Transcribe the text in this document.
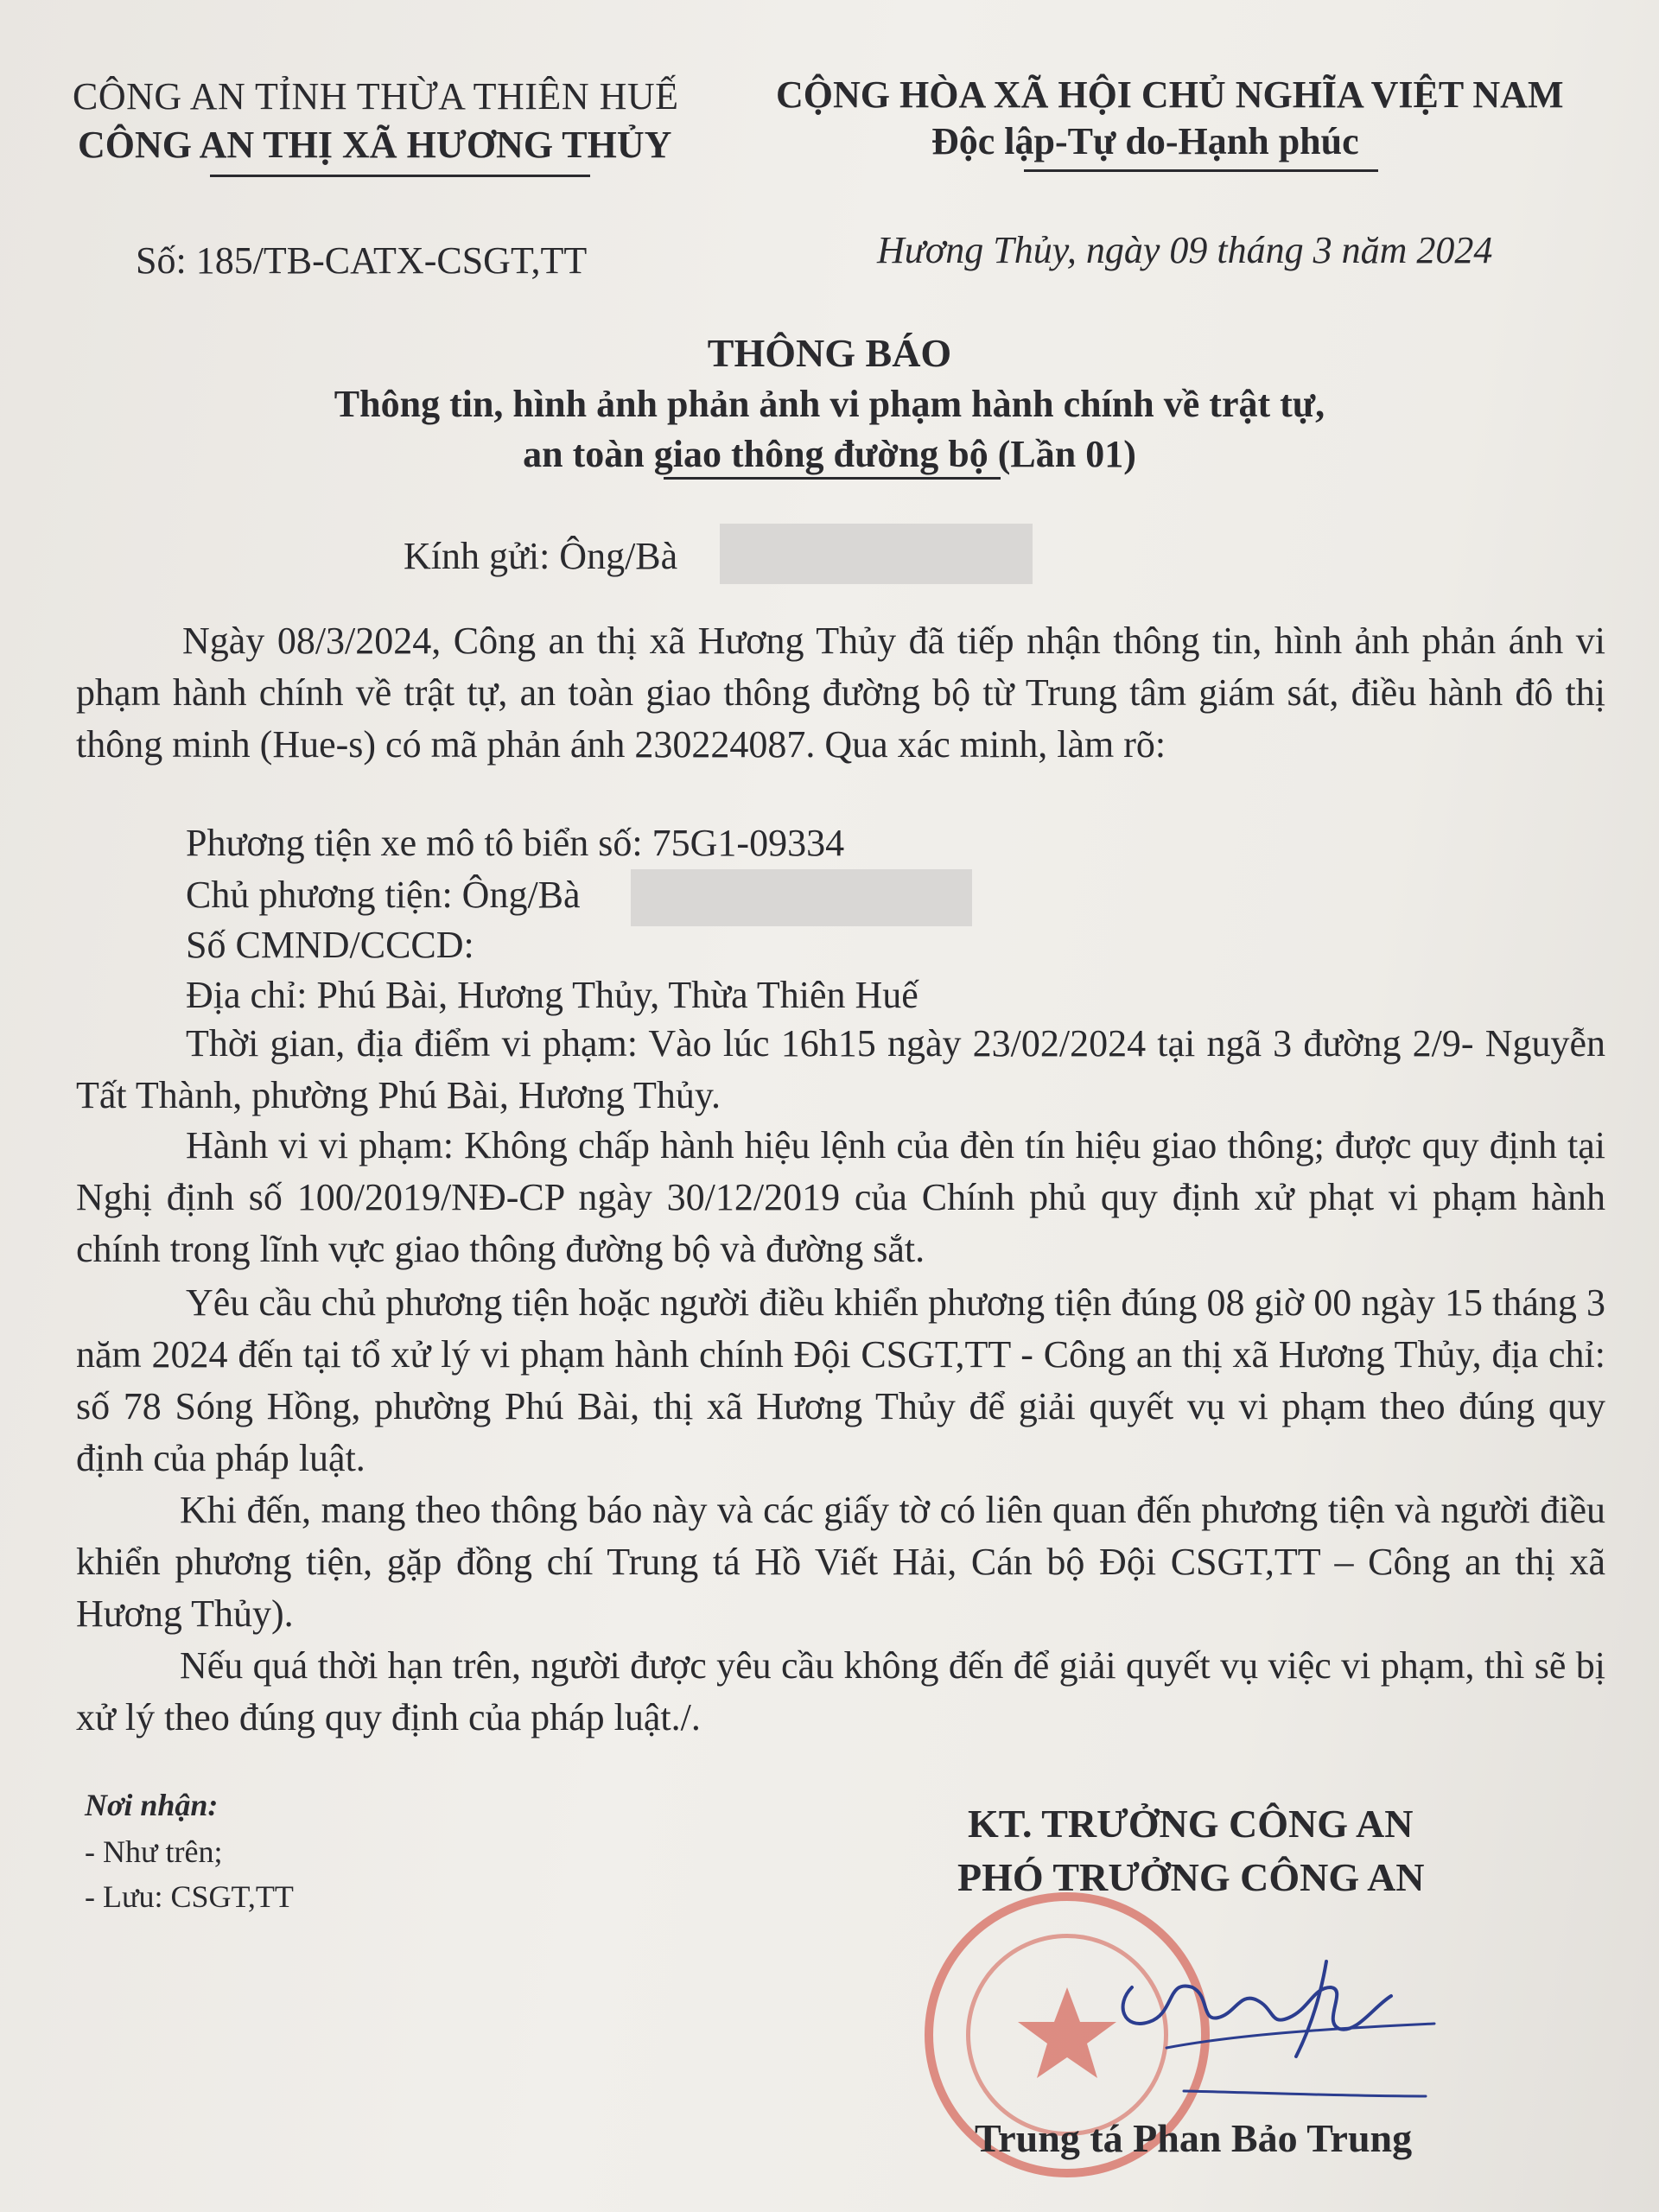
CÔNG AN TỈNH THỪA THIÊN HUẾ
CÔNG AN THỊ XÃ HƯƠNG THỦY
CỘNG HÒA XÃ HỘI CHỦ NGHĨA VIỆT NAM
Độc lập-Tự do-Hạnh phúc
Số: 185/TB-CATX-CSGT,TT	Hương Thủy, ngày 09 tháng 3 năm 2024
THÔNG BÁO
Thông tin, hình ảnh phản ảnh vi phạm hành chính về trật tự,
an toàn giao thông đường bộ (Lần 01)
Kính gửi: Ông/Bà
Ngày 08/3/2024, Công an thị xã Hương Thủy đã tiếp nhận thông tin, hình ảnh phản ánh vi phạm hành chính về trật tự, an toàn giao thông đường bộ từ Trung tâm giám sát, điều hành đô thị thông minh (Hue-s) có mã phản ánh 230224087. Qua xác minh, làm rõ:
Phương tiện xe mô tô biển số: 75G1-09334
Chủ phương tiện: Ông/Bà
Số CMND/CCCD:
Địa chỉ: Phú Bài, Hương Thủy, Thừa Thiên Huế
Thời gian, địa điểm vi phạm: Vào lúc 16h15 ngày 23/02/2024 tại ngã 3 đường 2/9- Nguyễn Tất Thành, phường Phú Bài, Hương Thủy.
Hành vi vi phạm: Không chấp hành hiệu lệnh của đèn tín hiệu giao thông; được quy định tại Nghị định số 100/2019/NĐ-CP ngày 30/12/2019 của Chính phủ quy định xử phạt vi phạm hành chính trong lĩnh vực giao thông đường bộ và đường sắt.
Yêu cầu chủ phương tiện hoặc người điều khiển phương tiện đúng 08 giờ 00 ngày 15 tháng 3 năm 2024 đến tại tổ xử lý vi phạm hành chính Đội CSGT,TT - Công an thị xã Hương Thủy, địa chỉ: số 78 Sóng Hồng, phường Phú Bài, thị xã Hương Thủy để giải quyết vụ vi phạm theo đúng quy định của pháp luật.
Khi đến, mang theo thông báo này và các giấy tờ có liên quan đến phương tiện và người điều khiển phương tiện, gặp đồng chí Trung tá Hồ Viết Hải, Cán bộ Đội CSGT,TT – Công an thị xã Hương Thủy).
Nếu quá thời hạn trên, người được yêu cầu không đến để giải quyết vụ việc vi phạm, thì sẽ bị xử lý theo đúng quy định của pháp luật./.
Nơi nhận:
- Như trên;
- Lưu: CSGT,TT
KT. TRƯỞNG CÔNG AN
PHÓ TRƯỞNG CÔNG AN
Trung tá Phan Bảo Trung
